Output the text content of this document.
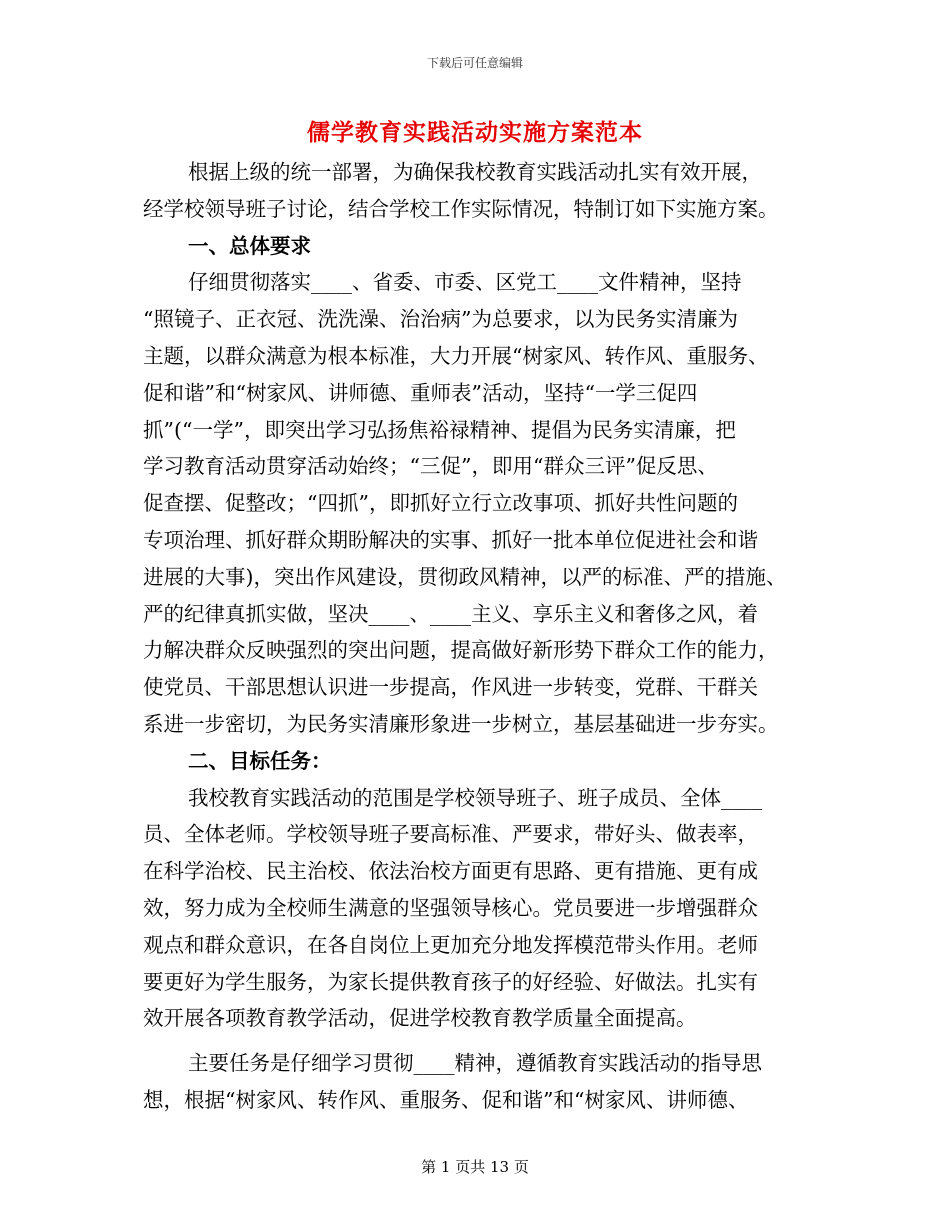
下载后可任意编辑
儒学教育实践活动实施方案范本

根据上级的统一部署，为确保我校教育实践活动扎实有效开展，

经学校领导班子讨论，结合学校工作实际情况，特制订如下实施方案。

一、总体要求

仔细贯彻落实____、省委、市委、区党工____文件精神，坚持

“照镜子、正衣冠、洗洗澡、治治病”为总要求，以为民务实清廉为

主题，以群众满意为根本标准，大力开展“树家风、转作风、重服务、

促和谐”和“树家风、讲师德、重师表”活动，坚持“一学三促四

抓”(“一学”，即突出学习弘扬焦裕禄精神、提倡为民务实清廉，把

学习教育活动贯穿活动始终；“三促”，即用“群众三评”促反思、

促查摆、促整改；“四抓”，即抓好立行立改事项、抓好共性问题的

专项治理、抓好群众期盼解决的实事、抓好一批本单位促进社会和谐

进展的大事)，突出作风建设，贯彻政风精神，以严的标准、严的措施、

严的纪律真抓实做，坚决____、____主义、享乐主义和奢侈之风，着

力解决群众反映强烈的突出问题，提高做好新形势下群众工作的能力，

使党员、干部思想认识进一步提高，作风进一步转变，党群、干群关

系进一步密切，为民务实清廉形象进一步树立，基层基础进一步夯实。

二、目标任务：

我校教育实践活动的范围是学校领导班子、班子成员、全体____

员、全体老师。学校领导班子要高标准、严要求，带好头、做表率，

在科学治校、民主治校、依法治校方面更有思路、更有措施、更有成

效，努力成为全校师生满意的坚强领导核心。党员要进一步增强群众

观点和群众意识，在各自岗位上更加充分地发挥模范带头作用。老师

要更好为学生服务，为家长提供教育孩子的好经验、好做法。扎实有

效开展各项教育教学活动，促进学校教育教学质量全面提高。

主要任务是仔细学习贯彻____精神，遵循教育实践活动的指导思

想，根据“树家风、转作风、重服务、促和谐”和“树家风、讲师德、

第 1 页共 13 页
